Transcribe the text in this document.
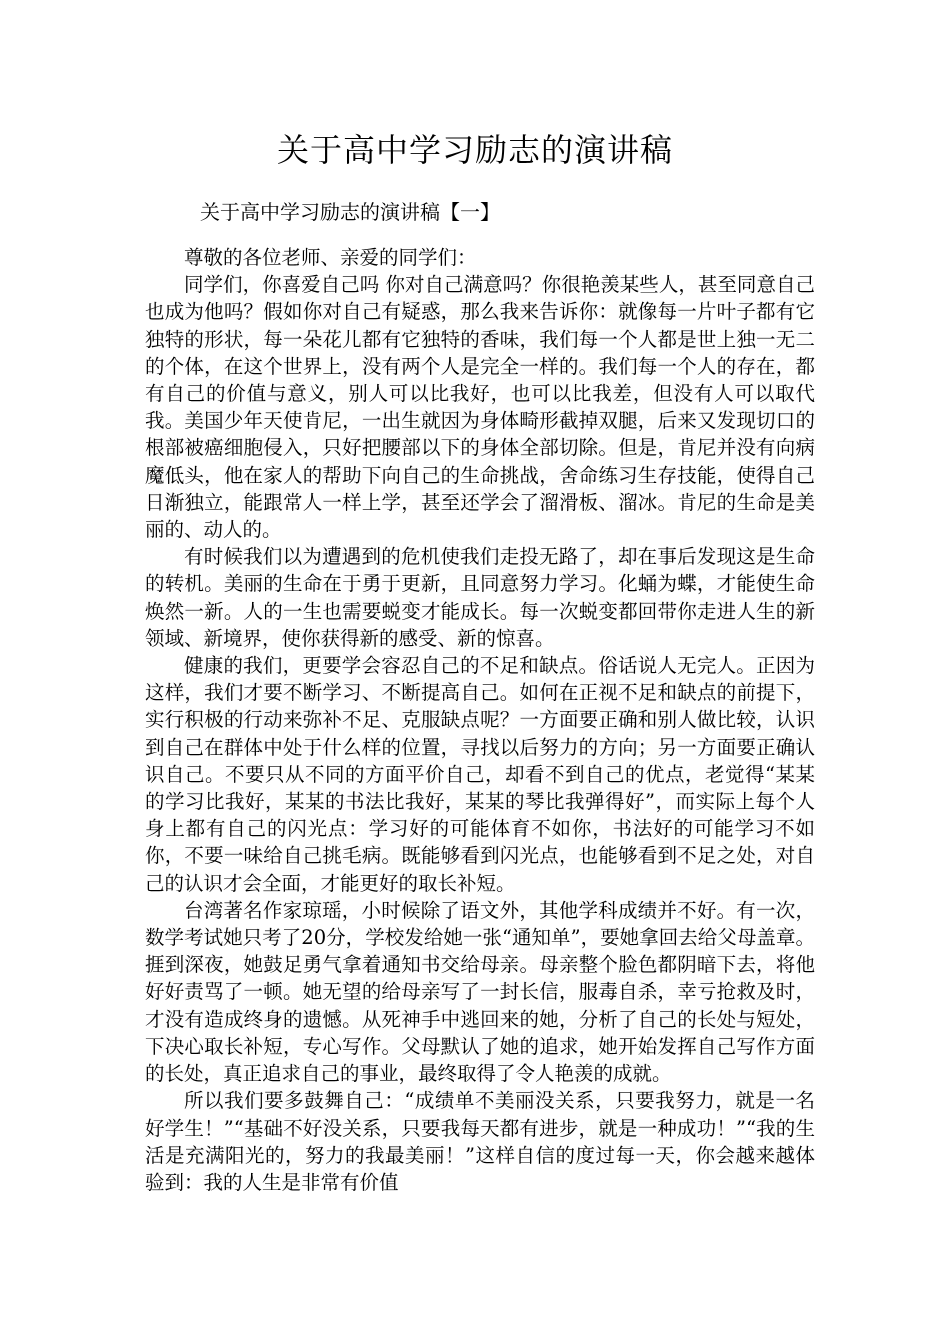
关于高中学习励志的演讲稿
关于高中学习励志的演讲稿【一】

尊敬的各位老师、亲爱的同学们：

同学们，你喜爱自己吗 你对自己满意吗？你很艳羡某些人，甚至同意自己也成为他吗？假如你对自己有疑惑，那么我来告诉你：就像每一片叶子都有它独特的形状，每一朵花儿都有它独特的香味，我们每一个人都是世上独一无二的个体，在这个世界上，没有两个人是完全一样的。我们每一个人的存在，都有自己的价值与意义，别人可以比我好，也可以比我差，但没有人可以取代我。美国少年天使肯尼，一出生就因为身体畸形截掉双腿，后来又发现切口的根部被癌细胞侵入，只好把腰部以下的身体全部切除。但是，肯尼并没有向病魔低头，他在家人的帮助下向自己的生命挑战，舍命练习生存技能，使得自己日渐独立，能跟常人一样上学，甚至还学会了溜滑板、溜冰。肯尼的生命是美丽的、动人的。

有时候我们以为遭遇到的危机使我们走投无路了，却在事后发现这是生命的转机。美丽的生命在于勇于更新，且同意努力学习。化蛹为蝶，才能使生命焕然一新。人的一生也需要蜕变才能成长。每一次蜕变都回带你走进人生的新领域、新境界，使你获得新的感受、新的惊喜。

健康的我们，更要学会容忍自己的不足和缺点。俗话说人无完人。正因为这样，我们才要不断学习、不断提高自己。如何在正视不足和缺点的前提下，实行积极的行动来弥补不足、克服缺点呢？一方面要正确和别人做比较，认识到自己在群体中处于什么样的位置，寻找以后努力的方向；另一方面要正确认识自己。不要只从不同的方面平价自己，却看不到自己的优点，老觉得“某某的学习比我好，某某的书法比我好，某某的琴比我弹得好”，而实际上每个人身上都有自己的闪光点：学习好的可能体育不如你，书法好的可能学习不如你，不要一味给自己挑毛病。既能够看到闪光点，也能够看到不足之处，对自己的认识才会全面，才能更好的取长补短。

台湾著名作家琼瑶，小时候除了语文外，其他学科成绩并不好。有一次，数学考试她只考了20分，学校发给她一张“通知单”，要她拿回去给父母盖章。捱到深夜，她鼓足勇气拿着通知书交给母亲。母亲整个脸色都阴暗下去，将他好好责骂了一顿。她无望的给母亲写了一封长信，服毒自杀，幸亏抢救及时，才没有造成终身的遗憾。从死神手中逃回来的她，分析了自己的长处与短处，下决心取长补短，专心写作。父母默认了她的追求，她开始发挥自己写作方面的长处，真正追求自己的事业，最终取得了令人艳羡的成就。

所以我们要多鼓舞自己：“成绩单不美丽没关系，只要我努力，就是一名好学生！”“基础不好没关系，只要我每天都有进步，就是一种成功！”“我的生活是充满阳光的，努力的我最美丽！”这样自信的度过每一天，你会越来越体验到：我的人生是非常有价值
